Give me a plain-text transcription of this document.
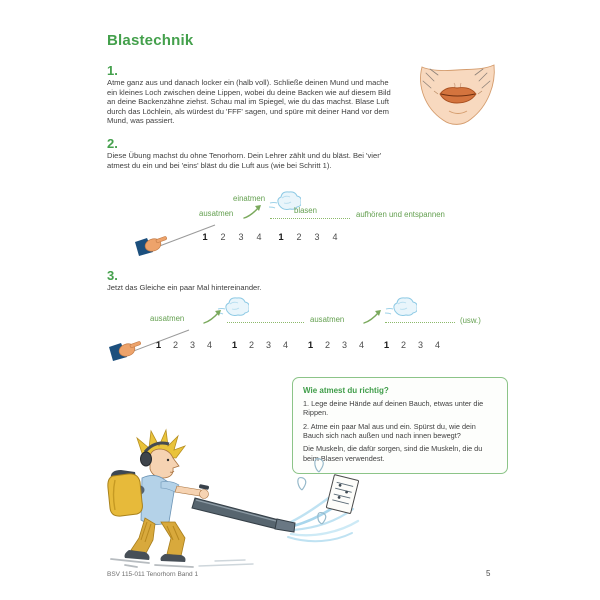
Blastechnik
1.
Atme ganz aus und danach locker ein (halb voll). Schließe deinen Mund und mache ein kleines Loch zwischen deine Lippen, wobei du deine Backen wie auf diesem Bild an deine Backenzähne ziehst. Schau mal im Spiegel, wie du das machst. Blase Luft durch das Löchlein, als würdest du 'FFF' sagen, und spüre mit deiner Hand vor dem Mund, was passiert.
2.
Diese Übung machst du ohne Tenorhorn. Dein Lehrer zählt und du bläst. Bei 'vier' atmest du ein und bei 'eins' bläst du die Luft aus (wie bei Schritt 1).
einatmen
ausatmen	blasen	aufhören und entspannen
1	2	3	4	1	2	3	4
3.
Jetzt das Gleiche ein paar Mal hintereinander.
ausatmen	ausatmen	(usw.)
1	2	3	4	1	2	3	4	1	2	3	4	1	2	3	4
Wie atmest du richtig?

1. Lege deine Hände auf deinen Bauch, etwas unter die Rippen.

2. Atme ein paar Mal aus und ein. Spürst du, wie dein Bauch sich nach außen und nach innen bewegt?

Die Muskeln, die dafür sorgen, sind die Muskeln, die du beim Blasen verwendest.

BSV 115-011 Tenorhorn Band 1	5
